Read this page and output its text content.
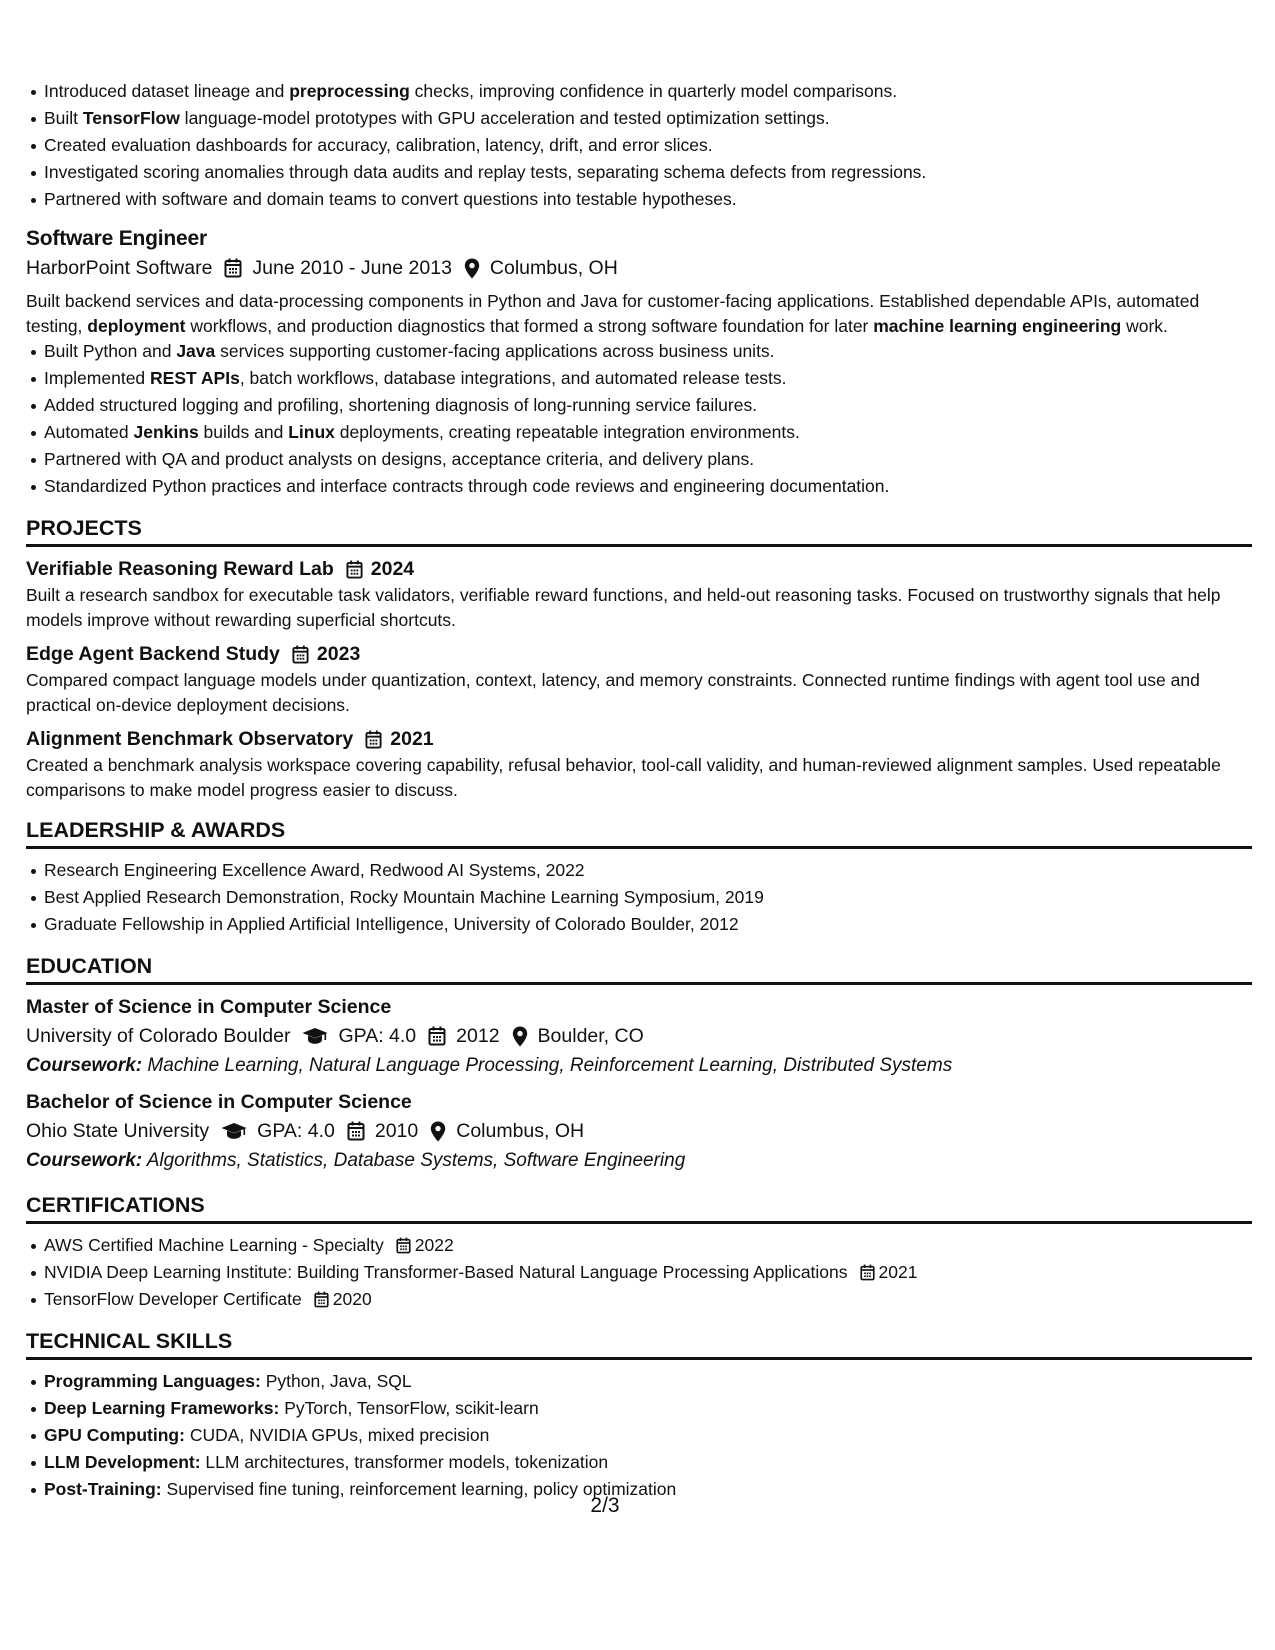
Introduced dataset lineage and preprocessing checks, improving confidence in quarterly model comparisons.
Built TensorFlow language-model prototypes with GPU acceleration and tested optimization settings.
Created evaluation dashboards for accuracy, calibration, latency, drift, and error slices.
Investigated scoring anomalies through data audits and replay tests, separating schema defects from regressions.
Partnered with software and domain teams to convert questions into testable hypotheses.
Software Engineer
HarborPoint Software June 2010 - June 2013 Columbus, OH
Built backend services and data-processing components in Python and Java for customer-facing applications. Established dependable APIs, automated testing, deployment workflows, and production diagnostics that formed a strong software foundation for later machine learning engineering work.
Built Python and Java services supporting customer-facing applications across business units.
Implemented REST APIs, batch workflows, database integrations, and automated release tests.
Added structured logging and profiling, shortening diagnosis of long-running service failures.
Automated Jenkins builds and Linux deployments, creating repeatable integration environments.
Partnered with QA and product analysts on designs, acceptance criteria, and delivery plans.
Standardized Python practices and interface contracts through code reviews and engineering documentation.
PROJECTS
Verifiable Reasoning Reward Lab 2024
Built a research sandbox for executable task validators, verifiable reward functions, and held-out reasoning tasks. Focused on trustworthy signals that help models improve without rewarding superficial shortcuts.
Edge Agent Backend Study 2023
Compared compact language models under quantization, context, latency, and memory constraints. Connected runtime findings with agent tool use and practical on-device deployment decisions.
Alignment Benchmark Observatory 2021
Created a benchmark analysis workspace covering capability, refusal behavior, tool-call validity, and human-reviewed alignment samples. Used repeatable comparisons to make model progress easier to discuss.
LEADERSHIP & AWARDS
Research Engineering Excellence Award, Redwood AI Systems, 2022
Best Applied Research Demonstration, Rocky Mountain Machine Learning Symposium, 2019
Graduate Fellowship in Applied Artificial Intelligence, University of Colorado Boulder, 2012
EDUCATION
Master of Science in Computer Science
University of Colorado Boulder GPA: 4.0 2012 Boulder, CO
Coursework: Machine Learning, Natural Language Processing, Reinforcement Learning, Distributed Systems
Bachelor of Science in Computer Science
Ohio State University GPA: 4.0 2010 Columbus, OH
Coursework: Algorithms, Statistics, Database Systems, Software Engineering
CERTIFICATIONS
AWS Certified Machine Learning - Specialty 2022
NVIDIA Deep Learning Institute: Building Transformer-Based Natural Language Processing Applications 2021
TensorFlow Developer Certificate 2020
TECHNICAL SKILLS
Programming Languages: Python, Java, SQL
Deep Learning Frameworks: PyTorch, TensorFlow, scikit-learn
GPU Computing: CUDA, NVIDIA GPUs, mixed precision
LLM Development: LLM architectures, transformer models, tokenization
Post-Training: Supervised fine tuning, reinforcement learning, policy optimization
2/3
